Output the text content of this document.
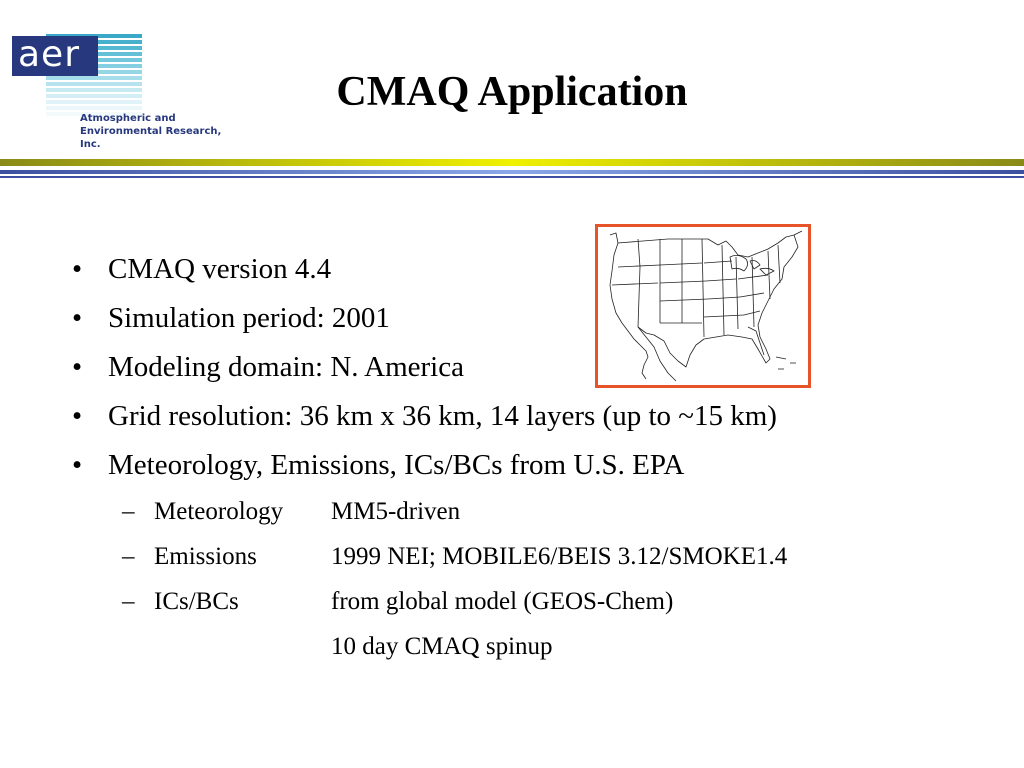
aer
Atmospheric and
Environmental Research, Inc.
CMAQ Application
• CMAQ version 4.4
• Simulation period: 2001
• Modeling domain: N. America
• Grid resolution: 36 km x 36 km, 14 layers (up to ~15 km)
• Meteorology, Emissions, ICs/BCs from U.S. EPA
– Meteorology MM5-driven
– Emissions	1999 NEI; MOBILE6/BEIS 3.12/SMOKE1.4
– ICs/BCs	from global model (GEOS-Chem)
10 day CMAQ spinup
